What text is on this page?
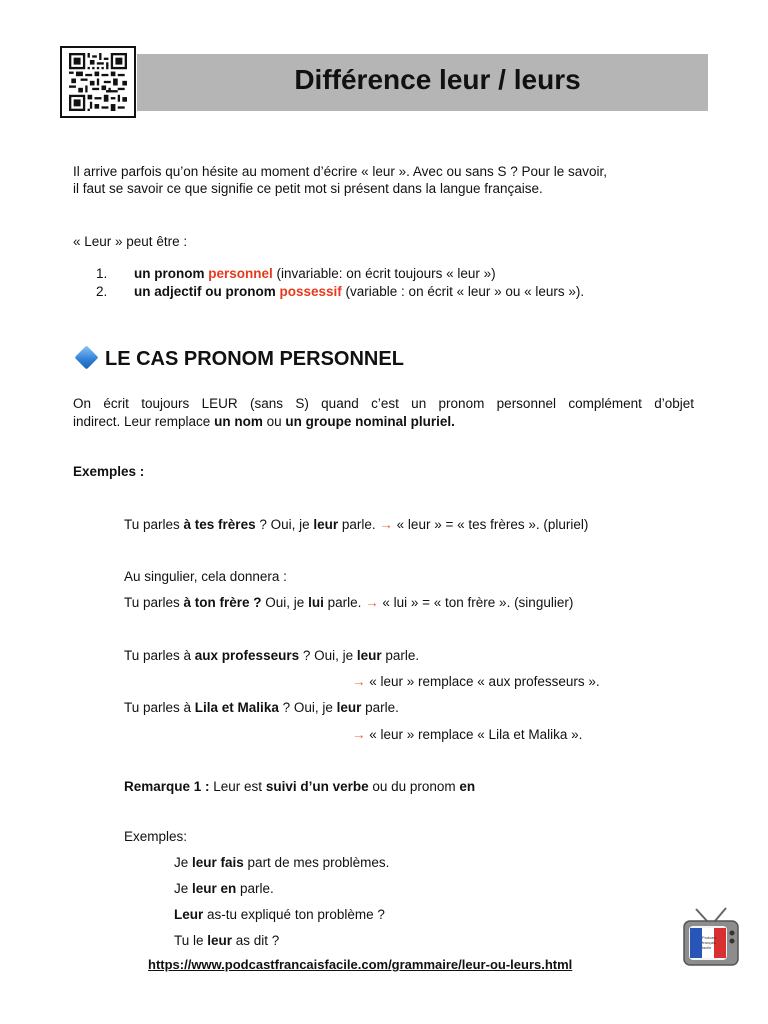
Différence leur / leurs
Il arrive parfois qu’on hésite au moment d’écrire « leur ». Avec ou sans S ? Pour le savoir,
il faut se savoir ce que signifie ce petit mot si présent dans la langue française.
« Leur » peut être :
1. un pronom personnel (invariable: on écrit toujours « leur »)
2. un adjectif ou pronom possessif (variable : on écrit « leur » ou « leurs »).
LE CAS PRONOM PERSONNEL
On écrit toujours LEUR (sans S) quand c’est un pronom personnel complément d’objet
indirect. Leur remplace un nom ou un groupe nominal pluriel.
Exemples :
Tu parles à tes frères ? Oui, je leur parle. → « leur » = « tes frères ». (pluriel)
Au singulier, cela donnera :
Tu parles à ton frère ? Oui, je lui parle. → « lui » = « ton frère ». (singulier)
Tu parles à aux professeurs ? Oui, je leur parle.
→ « leur » remplace « aux professeurs ».
Tu parles à Lila et Malika ? Oui, je leur parle.
→ « leur » remplace « Lila et Malika ».
Remarque 1 : Leur est suivi d’un verbe ou du pronom en
Exemples:
Je leur fais part de mes problèmes.
Je leur en parle.
Leur as-tu expliqué ton problème ?
Tu le leur as dit ?
https://www.podcastfrancaisfacile.com/grammaire/leur-ou-leurs.html
Podcast français facile
